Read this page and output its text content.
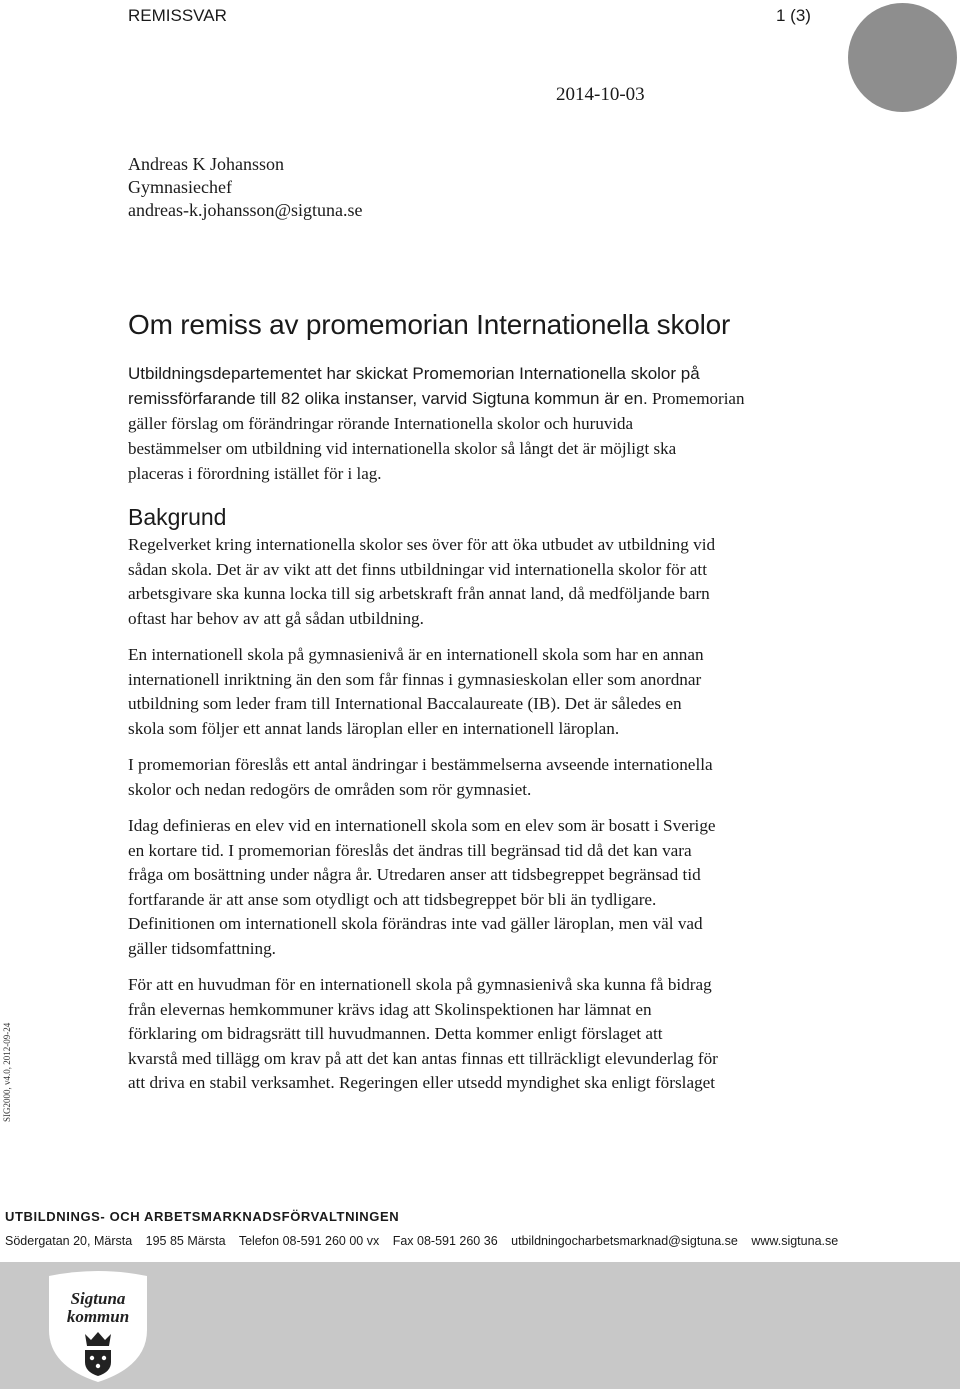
REMISSVAR	1 (3)
2014-10-03
Andreas K Johansson
Gymnasiechef
andreas-k.johansson@sigtuna.se
Om remiss av promemorian Internationella skolor
Utbildningsdepartementet har skickat Promemorian Internationella skolor på
remissförfarande till 82 olika instanser, varvid Sigtuna kommun är en. Promemorian
gäller förslag om förändringar rörande Internationella skolor och huruvida
bestämmelser om utbildning vid internationella skolor så långt det är möjligt ska
placeras i förordning istället för i lag.
Bakgrund
Regelverket kring internationella skolor ses över för att öka utbudet av utbildning vid
sådan skola. Det är av vikt att det finns utbildningar vid internationella skolor för att
arbetsgivare ska kunna locka till sig arbetskraft från annat land, då medföljande barn
oftast har behov av att gå sådan utbildning.
En internationell skola på gymnasienivå är en internationell skola som har en annan
internationell inriktning än den som får finnas i gymnasieskolan eller som anordnar
utbildning som leder fram till International Baccalaureate (IB). Det är således en
skola som följer ett annat lands läroplan eller en internationell läroplan.
I promemorian föreslås ett antal ändringar i bestämmelserna avseende internationella
skolor och nedan redogörs de områden som rör gymnasiet.
Idag definieras en elev vid en internationell skola som en elev som är bosatt i Sverige
en kortare tid. I promemorian föreslås det ändras till begränsad tid då det kan vara
fråga om bosättning under några år. Utredaren anser att tidsbegreppet begränsad tid
fortfarande är att anse som otydligt och att tidsbegreppet bör bli än tydligare.
Definitionen om internationell skola förändras inte vad gäller läroplan, men väl vad
gäller tidsomfattning.
För att en huvudman för en internationell skola på gymnasienivå ska kunna få bidrag
från elevernas hemkommuner krävs idag att Skolinspektionen har lämnat en
förklaring om bidragsrätt till huvudmannen. Detta kommer enligt förslaget att
kvarstå med tillägg om krav på att det kan antas finnas ett tillräckligt elevunderlag för
att driva en stabil verksamhet. Regeringen eller utsedd myndighet ska enligt förslaget
SIG2000, v4.0, 2012-09-24
UTBILDNINGS- OCH ARBETSMARKNADSFÖRVALTNINGEN
Södergatan 20, Märsta 195 85 Märsta Telefon 08-591 260 00 vx Fax 08-591 260 36 utbildningocharbetsmarknad@sigtuna.se www.sigtuna.se
Sigtuna
kommun
